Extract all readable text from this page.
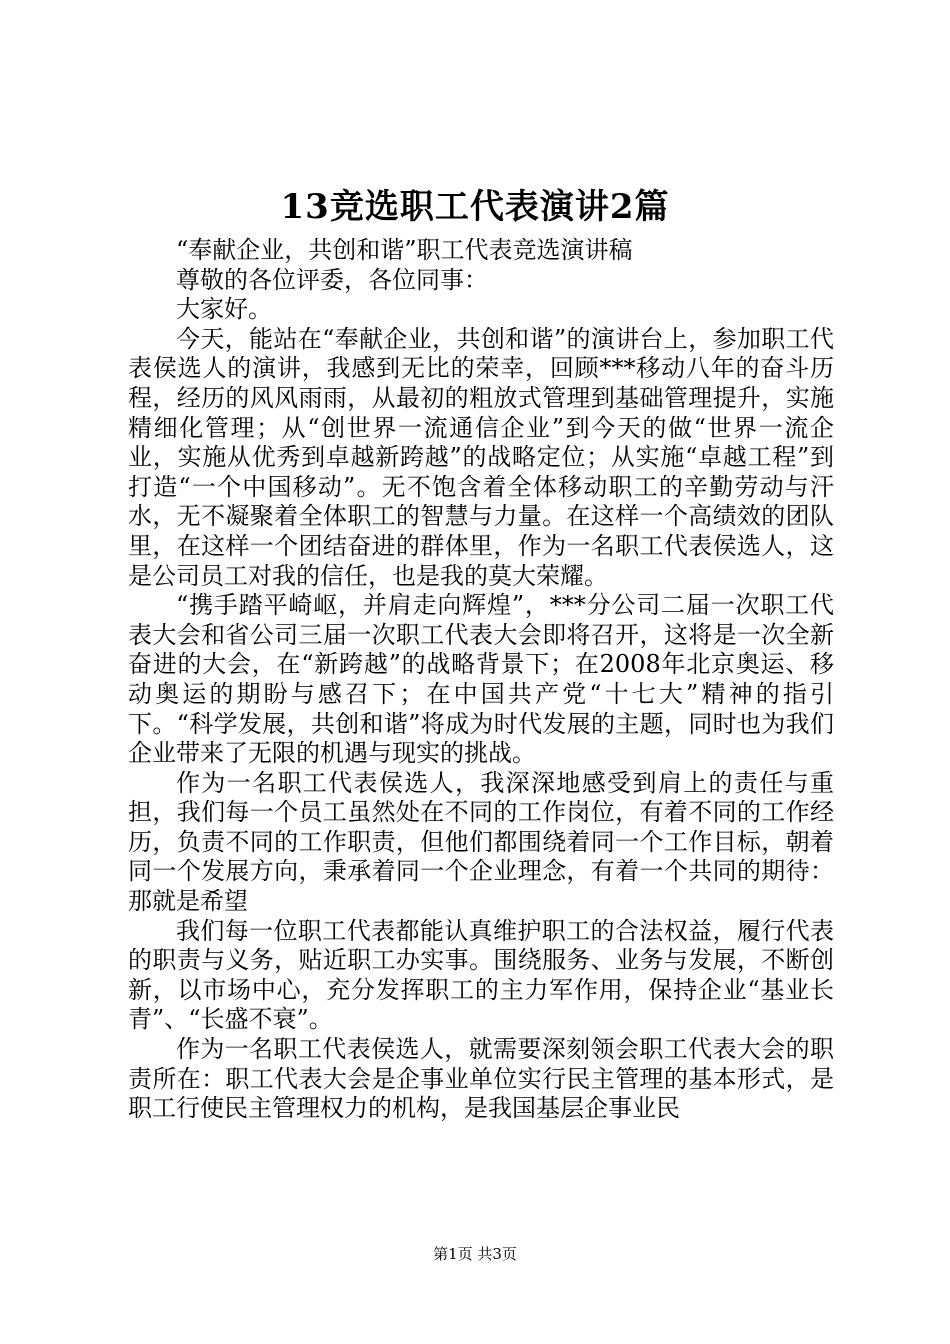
13竞选职工代表演讲2篇

“奉献企业，共创和谐”职工代表竞选演讲稿

尊敬的各位评委，各位同事：

大家好。

今天，能站在“奉献企业，共创和谐”的演讲台上，参加职工代表侯选人的演讲，我感到无比的荣幸，回顾***移动八年的奋斗历程，经历的风风雨雨，从最初的粗放式管理到基础管理提升，实施精细化管理；从“创世界一流通信企业”到今天的做“世界一流企业，实施从优秀到卓越新跨越”的战略定位；从实施“卓越工程”到打造“一个中国移动”。无不饱含着全体移动职工的辛勤劳动与汗水，无不凝聚着全体职工的智慧与力量。在这样一个高绩效的团队里，在这样一个团结奋进的群体里，作为一名职工代表侯选人，这是公司员工对我的信任，也是我的莫大荣耀。

“携手踏平崎岖，并肩走向辉煌”，***分公司二届一次职工代表大会和省公司三届一次职工代表大会即将召开，这将是一次全新奋进的大会，在“新跨越”的战略背景下；在2008年北京奥运、移动奥运的期盼与感召下；在中国共产党“十七大”精神的指引下。“科学发展，共创和谐”将成为时代发展的主题，同时也为我们企业带来了无限的机遇与现实的挑战。

作为一名职工代表侯选人，我深深地感受到肩上的责任与重担，我们每一个员工虽然处在不同的工作岗位，有着不同的工作经历，负责不同的工作职责，但他们都围绕着同一个工作目标，朝着同一个发展方向，秉承着同一个企业理念，有着一个共同的期待：那就是希望

我们每一位职工代表都能认真维护职工的合法权益，履行代表的职责与义务，贴近职工办实事。围绕服务、业务与发展，不断创新，以市场中心，充分发挥职工的主力军作用，保持企业“基业长青”、“长盛不衰”。

作为一名职工代表侯选人，就需要深刻领会职工代表大会的职责所在：职工代表大会是企事业单位实行民主管理的基本形式，是职工行使民主管理权力的机构，是我国基层企事业民

第1页 共3页
